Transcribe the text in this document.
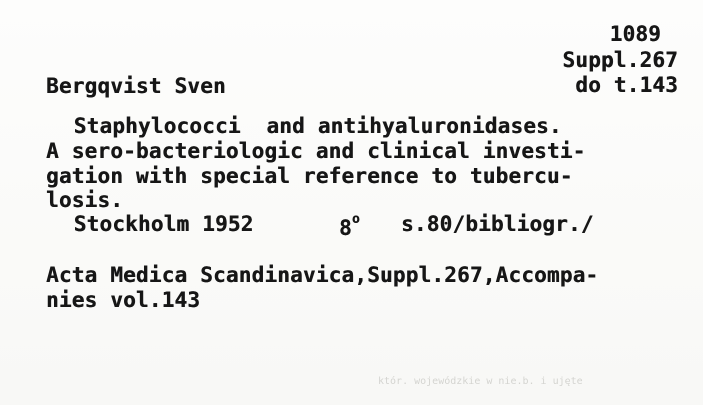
1089
Suppl.267
do t.143
Bergqvist Sven
Staphylococci  and antihyaluronidases.
A sero-bacteriologic and clinical investi-
gation with special reference to tubercu-
losis.
Stockholm 1952	8$^o$ s.80/bibliogr./
Acta Medica Scandinavica,Suppl.267,Accompa-
nies vol.143
któr. wojewódzkie w nie.b. i ujęte
